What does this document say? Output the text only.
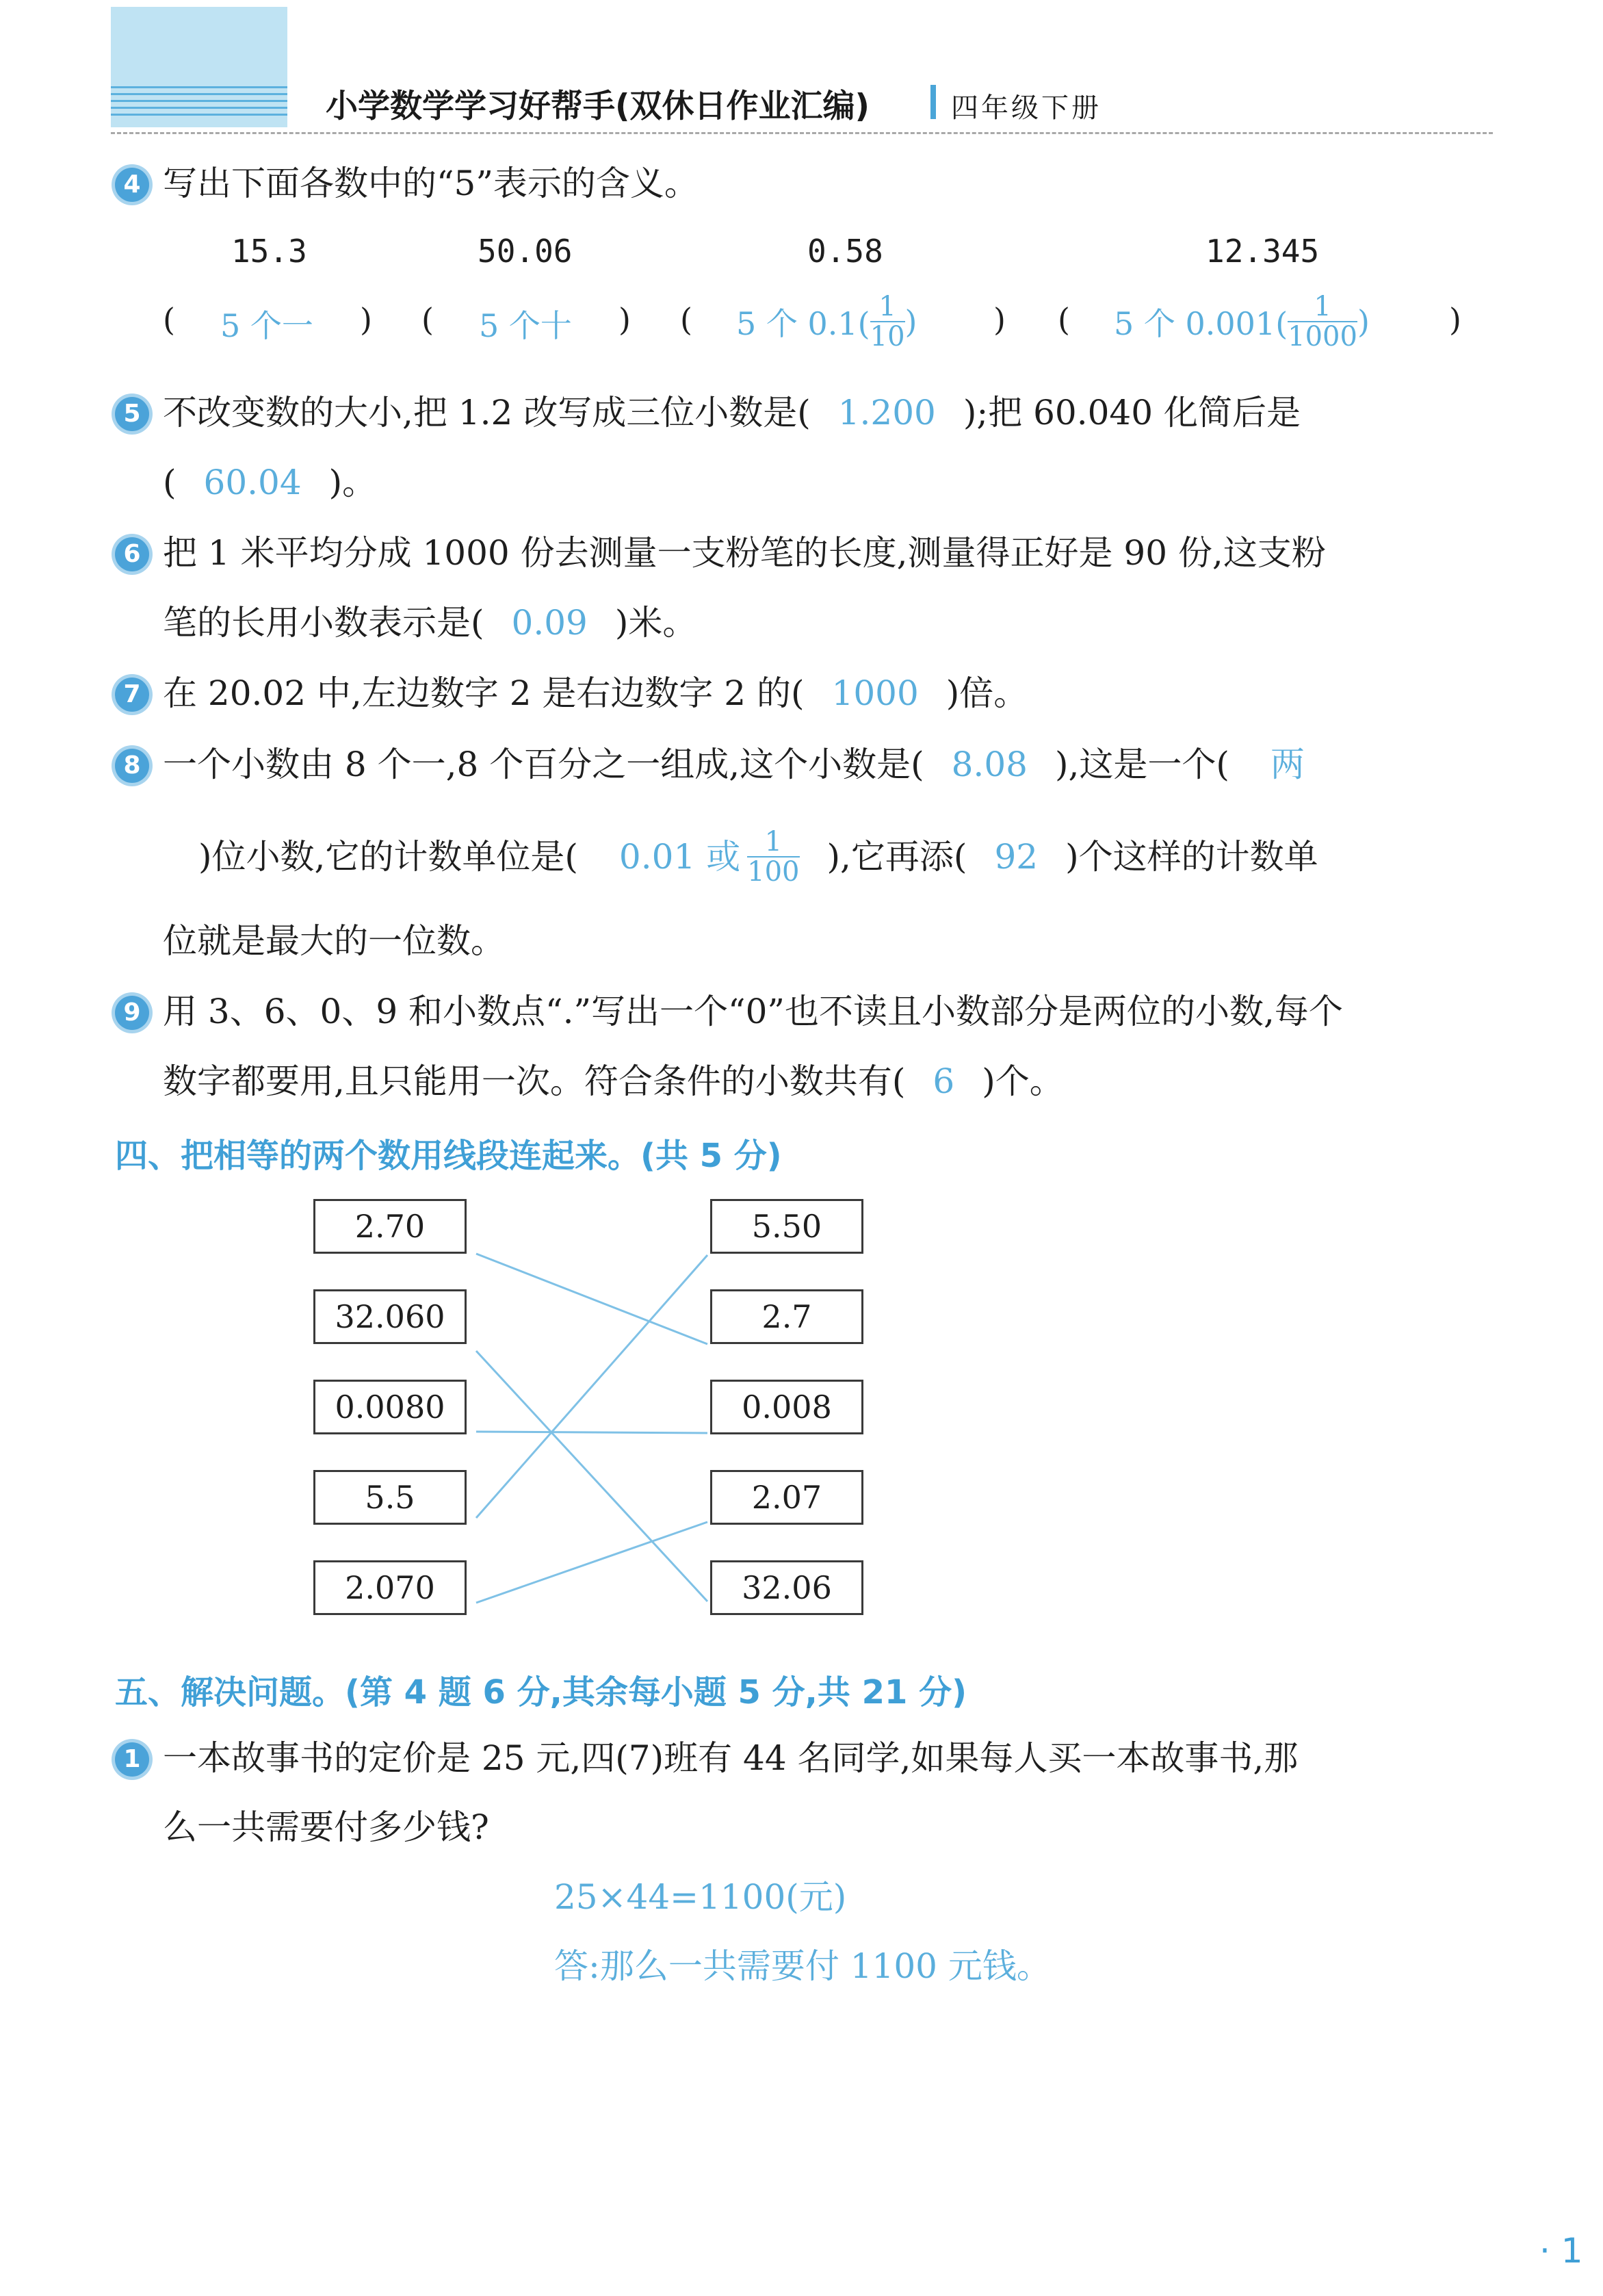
小学数学学习好帮手(双休日作业汇编)	四年级下册
4 写出下面各数中的“5”表示的含义。
15.3	50.06	0.58	12.345
( 5 个一 ) ( 5 个十 ) ( 5 个 $0.1( \frac{1}{10}$ ) ) ( 5 个 $0.001( \frac{1}{1000}$ )	)
5 不改变数的大小,把 1.2 改写成三位小数是( 1.200 );把 60.040 化简后是
( 60.04 )。
6 把 1 米平均分成 1000 份去测量一支粉笔的长度,测量得正好是 90 份,这支粉
笔的长用小数表示是( 0.09 )米。
7 在 20.02 中,左边数字 2 是右边数字 2 的( 1000 )倍。
8 一个小数由 8 个一,8 个百分之一组成,这个小数是( 8.08 ),这是一个( 两
)位小数,它的计数单位是(	0.01 或 $\frac{1}{100}$ ),它再添( 92 )个这样的计数单
位就是最大的一位数。
9 用 3、6、0、9 和小数点“.”写出一个“0”也不读且小数部分是两位的小数,每个
数字都要用,且只能用一次。符合条件的小数共有( 6 )个。
四、把相等的两个数用线段连起来。(共 5 分)
2.70
32.060
0.0080
5.5
2.070
5.50
2.7
0.008
2.07
32.06
五、解决问题。(第 4 题 6 分,其余每小题 5 分,共 21 分)
1 一本故事书的定价是 25 元,四(7)班有 44 名同学,如果每人买一本故事书,那
么一共需要付多少钱?
25×44=1100(元)
答:那么一共需要付 1100 元钱。
· 1
